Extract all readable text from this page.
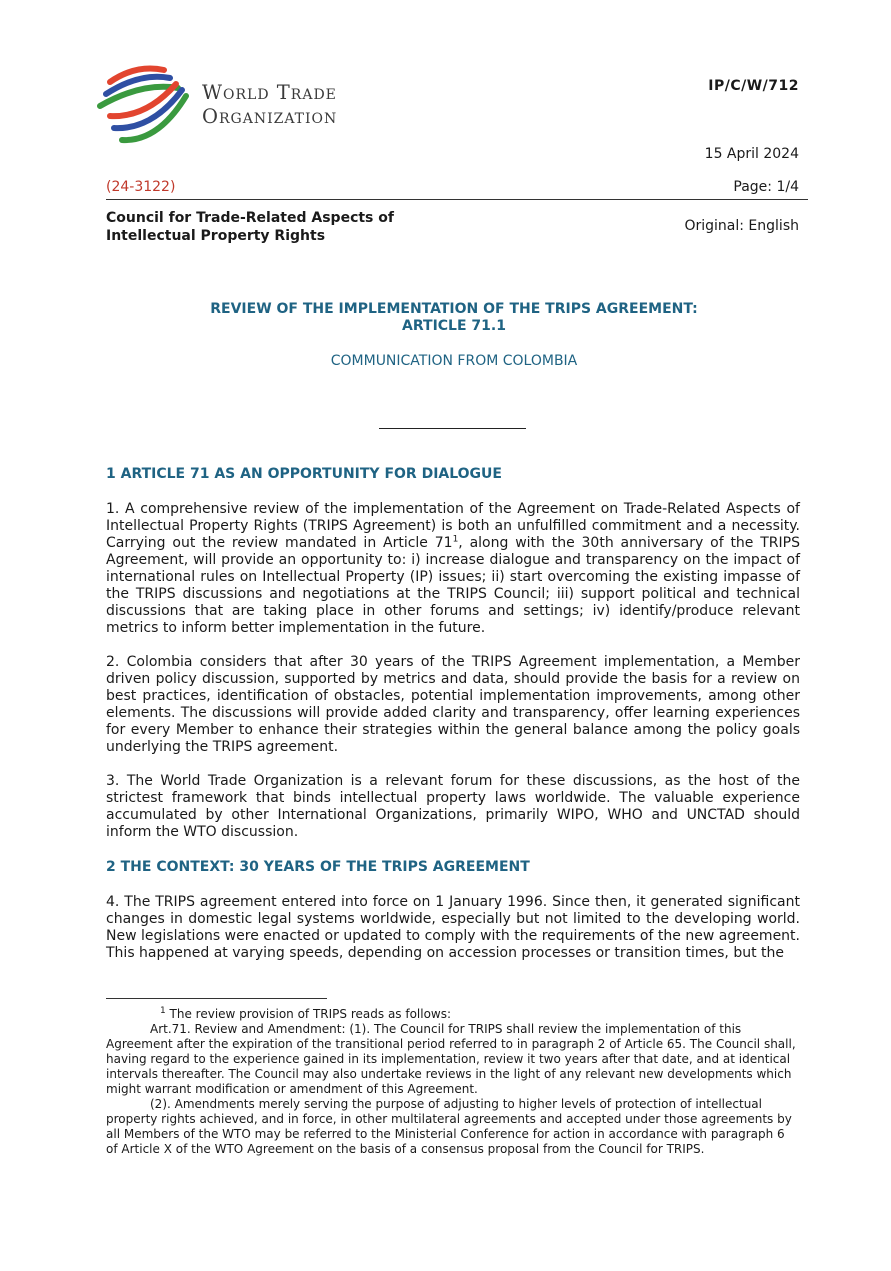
World Trade
Organization
IP/C/W/712
15 April 2024
(24-3122)	Page: 1/4
Council for Trade-Related Aspects of
Intellectual Property Rights
Original: English
REVIEW OF THE IMPLEMENTATION OF THE TRIPS AGREEMENT:
ARTICLE 71.1
COMMUNICATION FROM COLOMBIA
1 ARTICLE 71 AS AN OPPORTUNITY FOR DIALOGUE
1. A comprehensive review of the implementation of the Agreement on Trade-Related Aspects of Intellectual Property Rights (TRIPS Agreement) is both an unfulfilled commitment and a necessity. Carrying out the review mandated in Article $71^1$, along with the 30th anniversary of the TRIPS Agreement, will provide an opportunity to: i) increase dialogue and transparency on the impact of international rules on Intellectual Property (IP) issues; ii) start overcoming the existing impasse of the TRIPS discussions and negotiations at the TRIPS Council; iii) support political and technical discussions that are taking place in other forums and settings; iv) identify/produce relevant metrics to inform better implementation in the future.
2. Colombia considers that after 30 years of the TRIPS Agreement implementation, a Member driven policy discussion, supported by metrics and data, should provide the basis for a review on best practices, identification of obstacles, potential implementation improvements, among other elements. The discussions will provide added clarity and transparency, offer learning experiences for every Member to enhance their strategies within the general balance among the policy goals underlying the TRIPS agreement.
3. The World Trade Organization is a relevant forum for these discussions, as the host of the strictest framework that binds intellectual property laws worldwide. The valuable experience accumulated by other International Organizations, primarily WIPO, WHO and UNCTAD should inform the WTO discussion.
2 THE CONTEXT: 30 YEARS OF THE TRIPS AGREEMENT
4. The TRIPS agreement entered into force on 1 January 1996. Since then, it generated significant changes in domestic legal systems worldwide, especially but not limited to the developing world. New legislations were enacted or updated to comply with the requirements of the new agreement. This happened at varying speeds, depending on accession processes or transition times, but the

$^1$ The review provision of TRIPS reads as follows:

Art.71. Review and Amendment: (1). The Council for TRIPS shall review the implementation of this Agreement after the expiration of the transitional period referred to in paragraph 2 of Article 65. The Council shall, having regard to the experience gained in its implementation, review it two years after that date, and at identical intervals thereafter. The Council may also undertake reviews in the light of any relevant new developments which might warrant modification or amendment of this Agreement.

(2). Amendments merely serving the purpose of adjusting to higher levels of protection of intellectual property rights achieved, and in force, in other multilateral agreements and accepted under those agreements by all Members of the WTO may be referred to the Ministerial Conference for action in accordance with paragraph 6 of Article X of the WTO Agreement on the basis of a consensus proposal from the Council for TRIPS.
